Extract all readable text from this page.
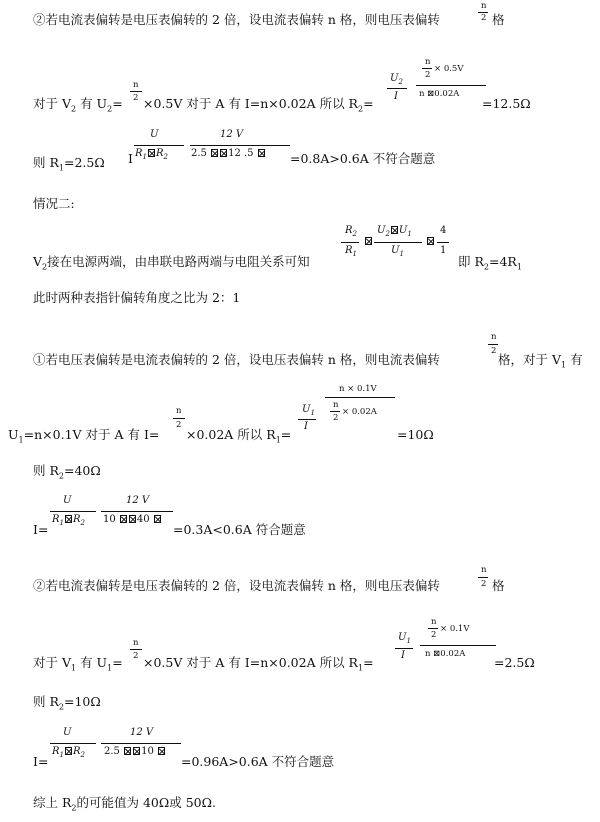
②若电流表偏转是电压表偏转的 2 倍，设电流表偏转 n 格，则电压表偏转
n
2 格
对于 $V_2$ 有 $U_2=$
n
2 ×0.5V 对于 A 有 I=n×0.02A 所以 $R_2=$
$U_2$
I
n
2
× 0.5V
n ⊠0.02A
=12.5Ω
则 $R_1=2.5\Omega$ I
U
$R_1$ $R_2$
12 V
2.5 12 .5	=0.8A>0.6A 不符合题意
情况二:
$V_2$接在电源两端，由串联电路两端与电阻关系可知
$R_2$
$R_1$
$U_2$ $U_1$
$U_1$
4
1
即 $R_2=4R_1$
此时两种表指针偏转角度之比为 2：1
①若电压表偏转是电流表偏转的 2 倍，设电压表偏转 n 格，则电流表偏转
n
2
格，对于 $V_1$ 有
$U_1=n\times 0.1V$ 对于 A 有 I=
n
2
×0.02A 所以 $R_1=$
$U_1$
I
n × 0.1V
n
2
× 0.02A
=10Ω
则 $R_2=40\Omega$
I=
U
$R_1$ $R_2$
12 V
10 40
=0.3A<0.6A 符合题意
②若电流表偏转是电压表偏转的 2 倍，设电流表偏转 n 格，则电压表偏转
n
2 格
对于 $V_1$ 有 $U_1=$
n
2 ×0.5V 对于 A 有 I=n×0.02A 所以 $R_1=$
$U_1$
I
n
2
× 0.1V
n ⊠0.02A
=2.5Ω
则 $R_2=10\Omega$
I=
U
$R_1$ $R_2$
12 V
2.5 10
=0.96A>0.6A 不符合题意
综上 $R_2$的可能值为 40Ω或 50Ω.
